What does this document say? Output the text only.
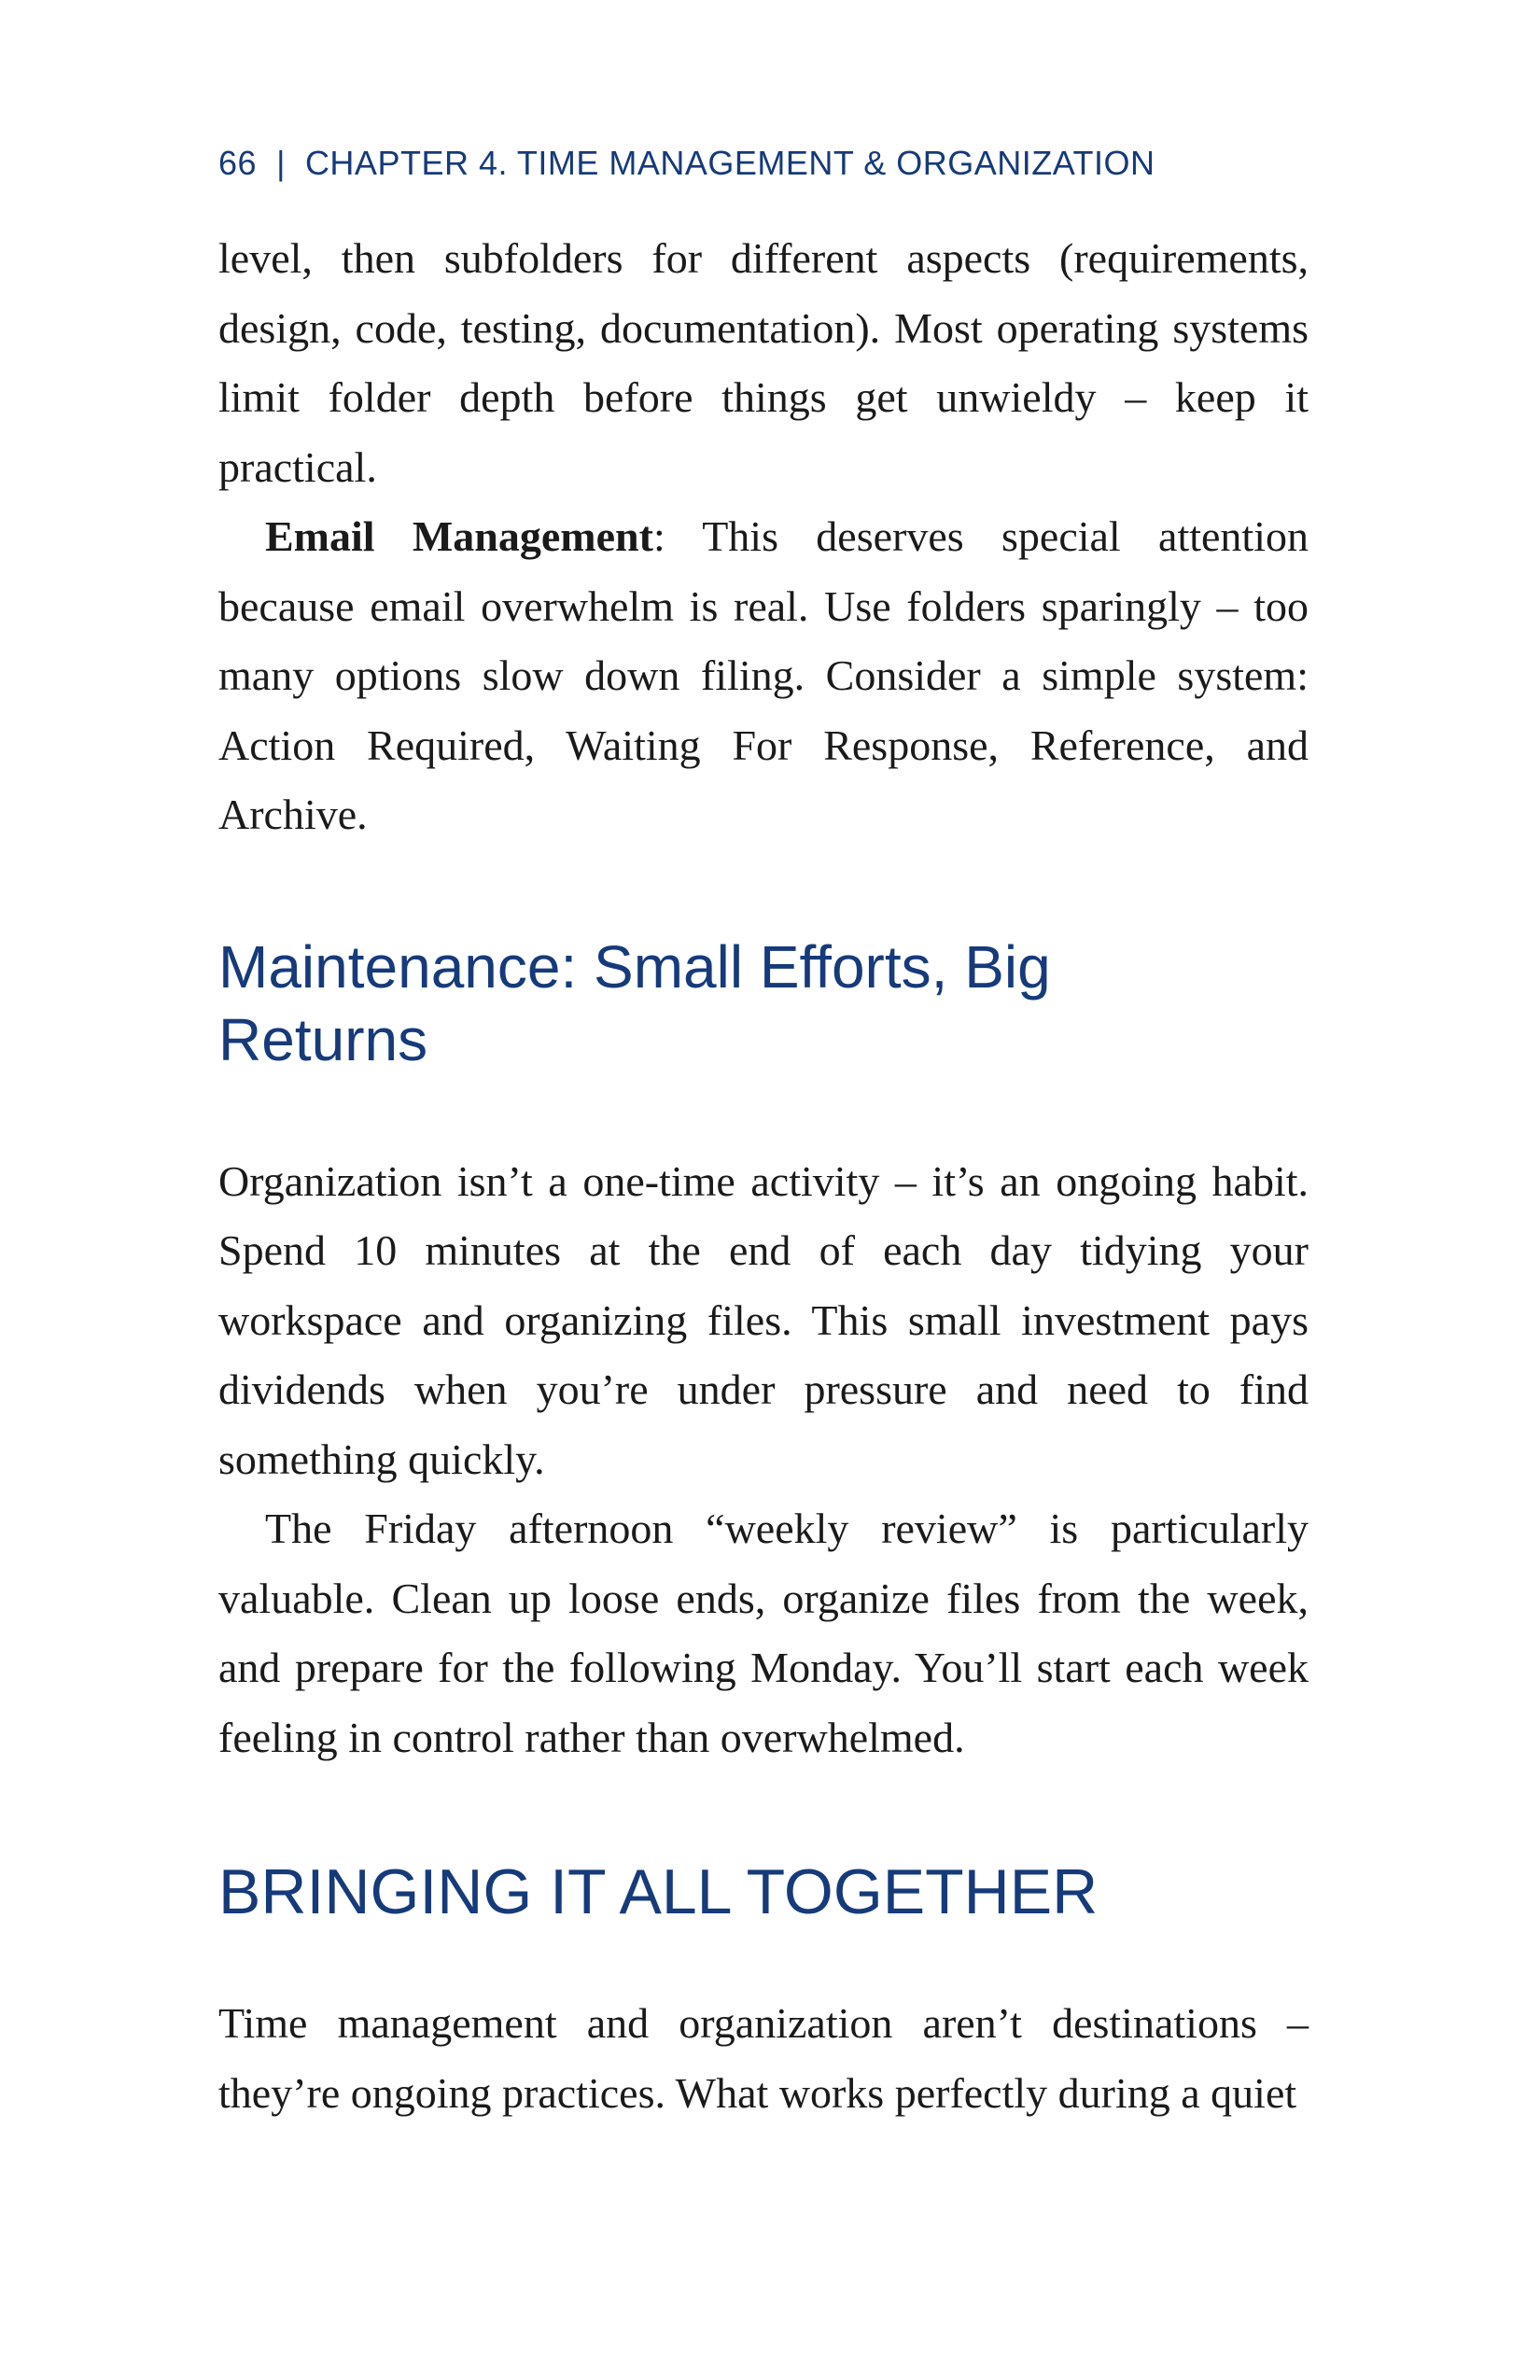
66 | CHAPTER 4. TIME MANAGEMENT & ORGANIZATION

level, then subfolders for different aspects (requirements, design, code, testing, documentation). Most operating systems limit folder depth before things get unwieldy – keep it practical.

Email Management: This deserves special attention because email overwhelm is real. Use folders sparingly – too many options slow down filing. Consider a simple system: Action Required, Waiting For Response, Reference, and Archive.

Maintenance: Small Efforts, Big Returns

Organization isn’t a one-time activity – it’s an ongoing habit. Spend 10 minutes at the end of each day tidying your workspace and organizing files. This small investment pays dividends when you’re under pressure and need to find something quickly.

The Friday afternoon “weekly review” is particularly valuable. Clean up loose ends, organize files from the week, and prepare for the following Monday. You’ll start each week feeling in control rather than overwhelmed.

BRINGING IT ALL TOGETHER

Time management and organization aren’t destinations – they’re ongoing practices. What works perfectly during a quiet
